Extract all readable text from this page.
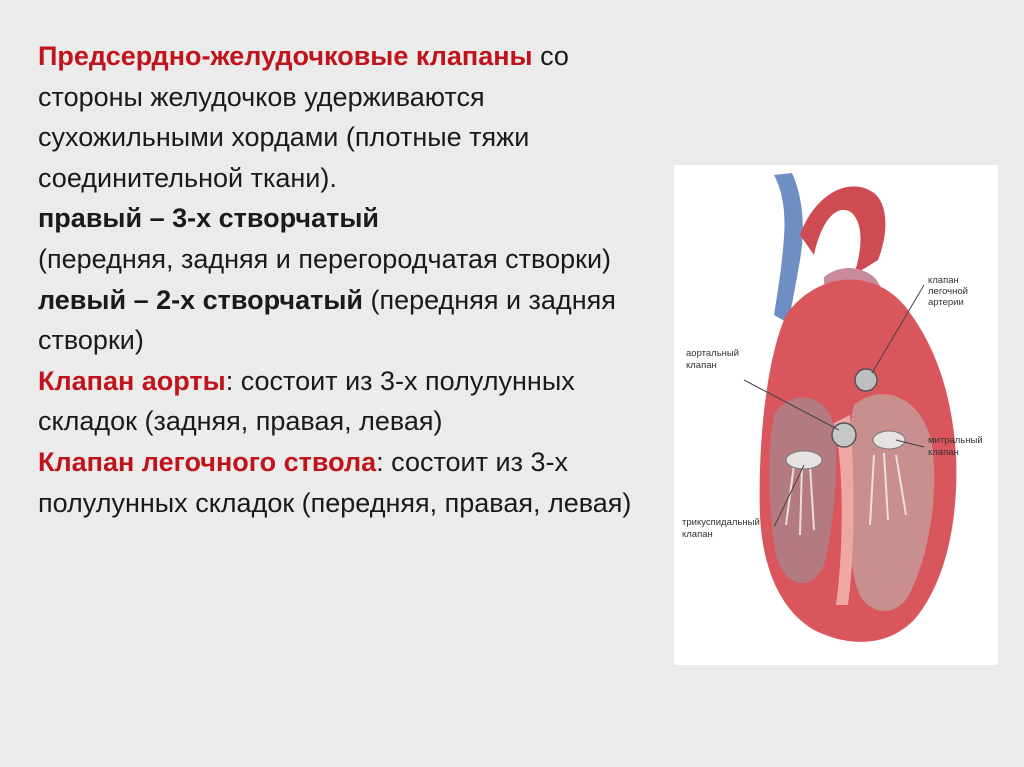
Предсердно-желудочковые клапаны со стороны желудочков удерживаются сухожильными хордами (плотные тяжи соединительной ткани).

правый – 3-х створчатый
(передняя, задняя и перегородчатая створки)

левый – 2-х створчатый (передняя и задняя створки)

Клапан аорты: состоит из 3-х полулунных складок (задняя, правая, левая)

Клапан легочного ствола: состоит из 3-х полулунных складок (передняя, правая, левая)

клапан
легочной
артерии
аортальный
клапан
митральный
клапан
трикуспидальный
клапан
